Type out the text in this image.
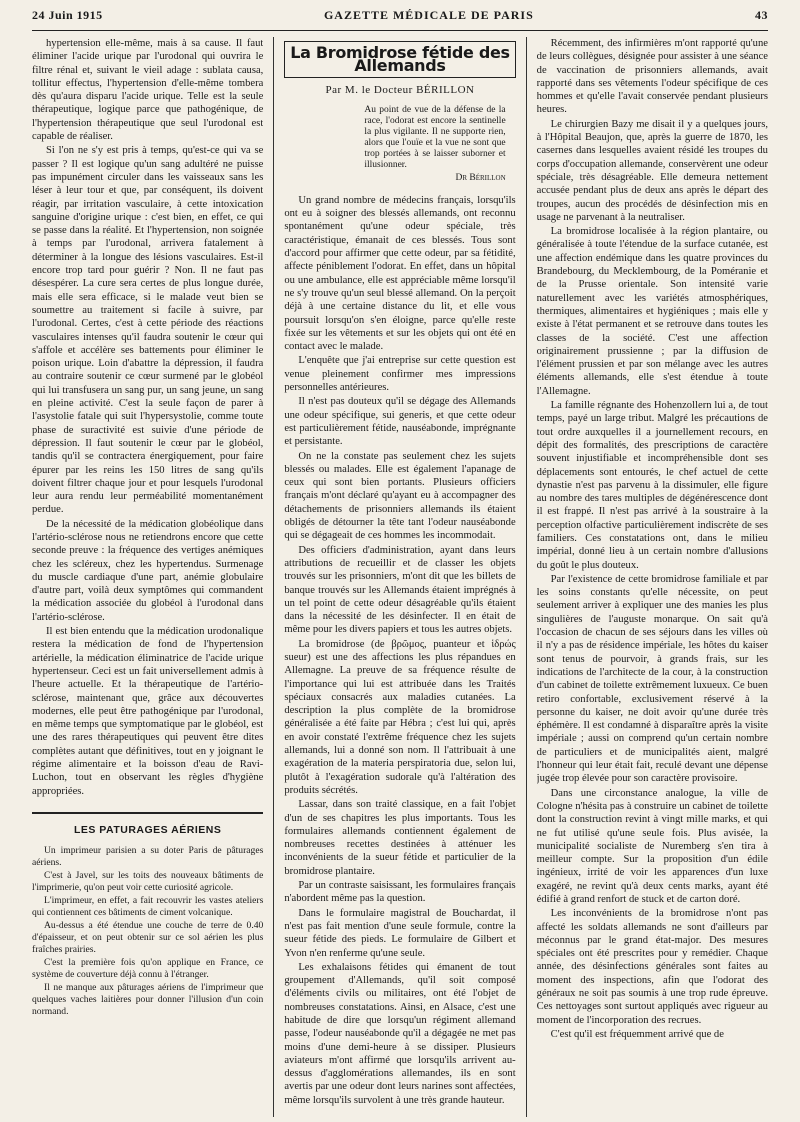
24 Juin 1915	GAZETTE MÉDICALE DE PARIS	43

hypertension elle-même, mais à sa cause. Il faut éliminer l'acide urique par l'urodonal qui ouvrira le filtre rénal et, suivant le vieil adage : sublata causa, tollitur effectus, l'hypertension d'elle-même tombera dès qu'aura disparu l'acide urique. Telle est la seule thérapeutique, logique parce que pathogénique, de l'hypertension thérapeutique que seul l'urodonal est capable de réaliser.

Si l'on ne s'y est pris à temps, qu'est-ce qui va se passer ? Il est logique qu'un sang adultéré ne puisse pas impunément circuler dans les vaisseaux sans les léser à leur tour et que, par conséquent, ils doivent réagir, par irritation vasculaire, à cette intoxication sanguine d'origine urique : c'est bien, en effet, ce qui se passe dans la réalité. Et l'hypertension, non soignée à temps par l'urodonal, arrivera fatalement à déterminer à la longue des lésions vasculaires. Est-il encore trop tard pour guérir ? Non. Il ne faut pas désespérer. La cure sera certes de plus longue durée, mais elle sera efficace, si le malade veut bien se soumettre au traitement si facile à suivre, par l'urodonal. Certes, c'est à cette période des réactions vasculaires intenses qu'il faudra soutenir le cœur qui s'affole et accélère ses battements pour éliminer le poison urique. Loin d'abattre la dépression, il faudra au contraire soutenir ce cœur surmené par le globéol qui lui transfusera un sang pur, un sang jeune, un sang en pleine activité. C'est la seule façon de parer à l'asystolie fatale qui suit l'hypersystolie, comme toute phase de suractivité est suivie d'une période de dépression. Il faut soutenir le cœur par le globéol, tandis qu'il se contractera énergiquement, pour faire épurer par les reins les 150 litres de sang qu'ils doivent filtrer chaque jour et pour lesquels l'urodonal leur aura rendu leur perméabilité momentanément perdue.

De la nécessité de la médication globéolique dans l'artério-sclérose nous ne retiendrons encore que cette seconde preuve : la fréquence des vertiges anémiques chez les scléreux, chez les hypertendus. Surmenage du muscle cardiaque d'une part, anémie globulaire d'autre part, voilà deux symptômes qui commandent la médication associée du globéol à l'urodonal dans l'artério-sclérose.

Il est bien entendu que la médication urodonalique restera la médication de fond de l'hypertension artérielle, la médication éliminatrice de l'acide urique hypertenseur. Ceci est un fait universellement admis à l'heure actuelle. Et la thérapeutique de l'artério-sclérose, maintenant que, grâce aux découvertes modernes, elle peut être pathogénique par l'urodonal, en même temps que symptomatique par le globéol, est une des rares thérapeutiques qui peuvent être dites complètes autant que définitives, tout en y joignant le régime alimentaire et la boisson d'eau de Ravi-Luchon, tout en observant les règles d'hygiène appropriées.

LES PATURAGES AÉRIENS

Un imprimeur parisien a su doter Paris de pâturages aériens.

C'est à Javel, sur les toits des nouveaux bâtiments de l'imprimerie, qu'on peut voir cette curiosité agricole.

L'imprimeur, en effet, a fait recouvrir les vastes ateliers qui contiennent ces bâtiments de ciment volcanique.

Au-dessus a été étendue une couche de terre de 0.40 d'épaisseur, et on peut obtenir sur ce sol aérien les plus fraîches prairies.

C'est la première fois qu'on applique en France, ce système de couverture déjà connu à l'étranger.

Il ne manque aux pâturages aériens de l'imprimeur que quelques vaches laitières pour donner l'illusion d'un coin normand.

La Bromidrose fétide des Allemands
Par M. le Docteur BÉRILLON
Au point de vue de la défense de la race, l'odorat est encore la sentinelle la plus vigilante. Il ne supporte rien, alors que l'ouïe et la vue ne sont que trop portées à se laisser suborner et illusionner.
Dr Bérillon

Un grand nombre de médecins français, lorsqu'ils ont eu à soigner des blessés allemands, ont reconnu spontanément qu'une odeur spéciale, très caractéristique, émanait de ces blessés. Tous sont d'accord pour affirmer que cette odeur, par sa fétidité, affecte péniblement l'odorat. En effet, dans un hôpital ou une ambulance, elle est appréciable même lorsqu'il ne s'y trouve qu'un seul blessé allemand. On la perçoit déjà à une certaine distance du lit, et elle vous poursuit lorsqu'on s'en éloigne, parce qu'elle reste fixée sur les vêtements et sur les objets qui ont été en contact avec le malade.

L'enquête que j'ai entreprise sur cette question est venue pleinement confirmer mes impressions personnelles antérieures.

Il n'est pas douteux qu'il se dégage des Allemands une odeur spécifique, sui generis, et que cette odeur est particulièrement fétide, nauséabonde, imprégnante et persistante.

On ne la constate pas seulement chez les sujets blessés ou malades. Elle est également l'apanage de ceux qui sont bien portants. Plusieurs officiers français m'ont déclaré qu'ayant eu à accompagner des détachements de prisonniers allemands ils étaient obligés de détourner la tête tant l'odeur nauséabonde qui se dégageait de ces hommes les incommodait.

Des officiers d'administration, ayant dans leurs attributions de recueillir et de classer les objets trouvés sur les prisonniers, m'ont dit que les billets de banque trouvés sur les Allemands étaient imprégnés à un tel point de cette odeur désagréable qu'ils étaient dans la nécessité de les désinfecter. Il en était de même pour les divers papiers et tous les autres objets.

La bromidrose (de βρῶμος, puanteur et ἱδρώς sueur) est une des affections les plus répandues en Allemagne. La preuve de sa fréquence résulte de l'importance qui lui est attribuée dans les Traités spéciaux consacrés aux maladies cutanées. La description la plus complète de la bromidrose généralisée a été faite par Hébra ; c'est lui qui, après en avoir constaté l'extrême fréquence chez les sujets allemands, lui a donné son nom. Il l'attribuait à une exagération de la materia perspiratoria due, selon lui, plutôt à l'exagération sudorale qu'à l'altération des produits sécrétés.

Lassar, dans son traité classique, en a fait l'objet d'un de ses chapitres les plus importants. Tous les formulaires allemands contiennent également de nombreuses recettes destinées à atténuer les inconvénients de la sueur fétide et particulier de la bromidrose plantaire.

Par un contraste saisissant, les formulaires français n'abordent même pas la question.

Dans le formulaire magistral de Bouchardat, il n'est pas fait mention d'une seule formule, contre la sueur fétide des pieds. Le formulaire de Gilbert et Yvon n'en renferme qu'une seule.

Les exhalaisons fétides qui émanent de tout groupement d'Allemands, qu'il soit composé d'éléments civils ou militaires, ont été l'objet de nombreuses constatations. Ainsi, en Alsace, c'est une habitude de dire que lorsqu'un régiment allemand passe, l'odeur nauséabonde qu'il a dégagée ne met pas moins d'une demi-heure à se dissiper. Plusieurs aviateurs m'ont affirmé que lorsqu'ils arrivent au-dessus d'agglomérations allemandes, ils en sont avertis par une odeur dont leurs narines sont affectées, même lorsqu'ils survolent à une très grande hauteur.

Récemment, des infirmières m'ont rapporté qu'une de leurs collègues, désignée pour assister à une séance de vaccination de prisonniers allemands, avait rapporté dans ses vêtements l'odeur spécifique de ces hommes et qu'elle l'avait conservée pendant plusieurs heures.

Le chirurgien Bazy me disait il y a quelques jours, à l'Hôpital Beaujon, que, après la guerre de 1870, les casernes dans lesquelles avaient résidé les troupes du corps d'occupation allemande, conservèrent une odeur spéciale, très désagréable. Elle demeura nettement accusée pendant plus de deux ans après le départ des troupes, aucun des procédés de désinfection mis en usage ne parvenant à la neutraliser.

La bromidrose localisée à la région plantaire, ou généralisée à toute l'étendue de la surface cutanée, est une affection endémique dans les quatre provinces du Brandebourg, du Mecklembourg, de la Poméranie et de la Prusse orientale. Son intensité varie naturellement avec les variétés atmosphériques, thermiques, alimentaires et hygiéniques ; mais elle y existe à l'état permanent et se retrouve dans toutes les classes de la société. C'est une affection originairement prussienne ; par la diffusion de l'élément prussien et par son mélange avec les autres éléments allemands, elle s'est étendue à toute l'Allemagne.

La famille régnante des Hohenzollern lui a, de tout temps, payé un large tribut. Malgré les précautions de tout ordre auxquelles il a journellement recours, en dépit des formalités, des prescriptions de caractère souvent injustifiable et incompréhensible dont ses déplacements sont entourés, le chef actuel de cette dynastie n'est pas parvenu à la dissimuler, elle figure au nombre des tares multiples de dégénérescence dont il est frappé. Il n'est pas arrivé à la soustraire à la perception olfactive particulièrement indiscrète de ses familiers. Ces constatations ont, dans le milieu impérial, donné lieu à un certain nombre d'allusions du goût le plus douteux.

Par l'existence de cette bromidrose familiale et par les soins constants qu'elle nécessite, on peut seulement arriver à expliquer une des manies les plus singulières de l'auguste monarque. On sait qu'à l'occasion de chacun de ses séjours dans les villes où il n'y a pas de résidence impériale, les hôtes du kaiser sont tenus de pourvoir, à grands frais, sur les indications de l'architecte de la cour, à la construction d'un cabinet de toilette extrêmement luxueux. Ce buen retiro confortable, exclusivement réservé à la personne du kaiser, ne doit avoir qu'une durée très éphémère. Il est condamné à disparaître après la visite impériale ; aussi on comprend qu'un certain nombre de particuliers et de municipalités aient, malgré l'honneur qui leur était fait, reculé devant une dépense jugée trop élevée pour son caractère provisoire.

Dans une circonstance analogue, la ville de Cologne n'hésita pas à construire un cabinet de toilette dont la construction revint à vingt mille marks, et qui ne fut utilisé qu'une seule fois. Plus avisée, la municipalité socialiste de Nuremberg s'en tira à meilleur compte. Sur la proposition d'un édile ingénieux, irrité de voir les apparences d'un luxe exagéré, ne revint qu'à deux cents marks, ayant été édifié à grand renfort de stuck et de carton doré.

Les inconvénients de la bromidrose n'ont pas affecté les soldats allemands ne sont d'ailleurs par méconnus par le grand état-major. Des mesures spéciales ont été prescrites pour y remédier. Chaque année, des désinfections générales sont faites au moment des inspections, afin que l'odorat des généraux ne soit pas soumis à une trop rude épreuve. Ces nettoyages sont surtout appliqués avec rigueur au moment de l'incorporation des recrues.

C'est qu'il est fréquemment arrivé que de
